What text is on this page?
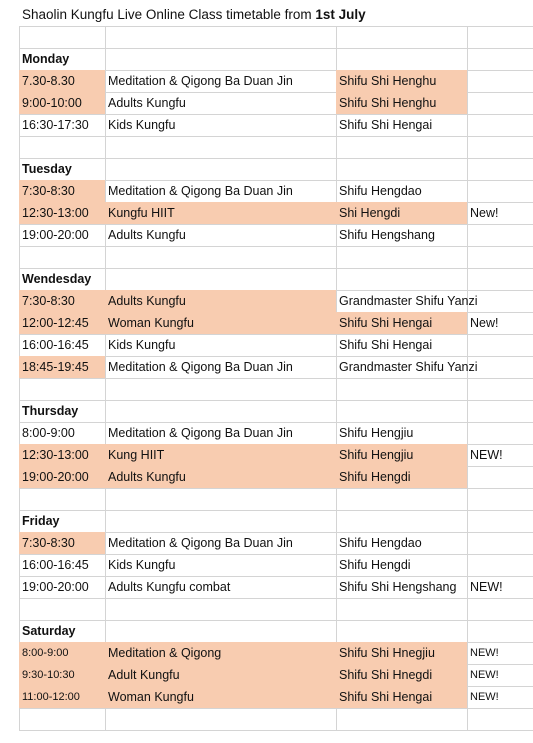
Shaolin Kungfu Live Online Class timetable from 1st July
Monday
7.30-8.30	Meditation & Qigong Ba Duan Jin	Shifu Shi Henghu
9:00-10:00	Adults Kungfu	Shifu Shi Henghu
16:30-17:30	Kids Kungfu	Shifu Shi Hengai
Tuesday
7:30-8:30	Meditation & Qigong Ba Duan Jin	Shifu Hengdao
12:30-13:00	Kungfu HIIT	Shi Hengdi	New!
19:00-20:00	Adults Kungfu	Shifu Hengshang
Wendesday
7:30-8:30	Adults Kungfu	Grandmaster Shifu Yanzi
12:00-12:45	Woman Kungfu	Shifu Shi Hengai	New!
16:00-16:45	Kids Kungfu	Shifu Shi Hengai
18:45-19:45	Meditation & Qigong Ba Duan Jin	Grandmaster Shifu Yanzi
Thursday
8:00-9:00	Meditation & Qigong Ba Duan Jin	Shifu Hengjiu
12:30-13:00	Kung HIIT	Shifu Hengjiu	NEW!
19:00-20:00	Adults Kungfu	Shifu Hengdi
Friday
7:30-8:30	Meditation & Qigong Ba Duan Jin	Shifu Hengdao
16:00-16:45	Kids Kungfu	Shifu Hengdi
19:00-20:00	Adults Kungfu combat	Shifu Shi Hengshang	NEW!
Saturday
8:00-9:00	Meditation & Qigong	Shifu Shi Hnegjiu	NEW!
9:30-10:30	Adult Kungfu	Shifu Shi Hnegdi	NEW!
11:00-12:00	Woman Kungfu	Shifu Shi Hengai	NEW!
